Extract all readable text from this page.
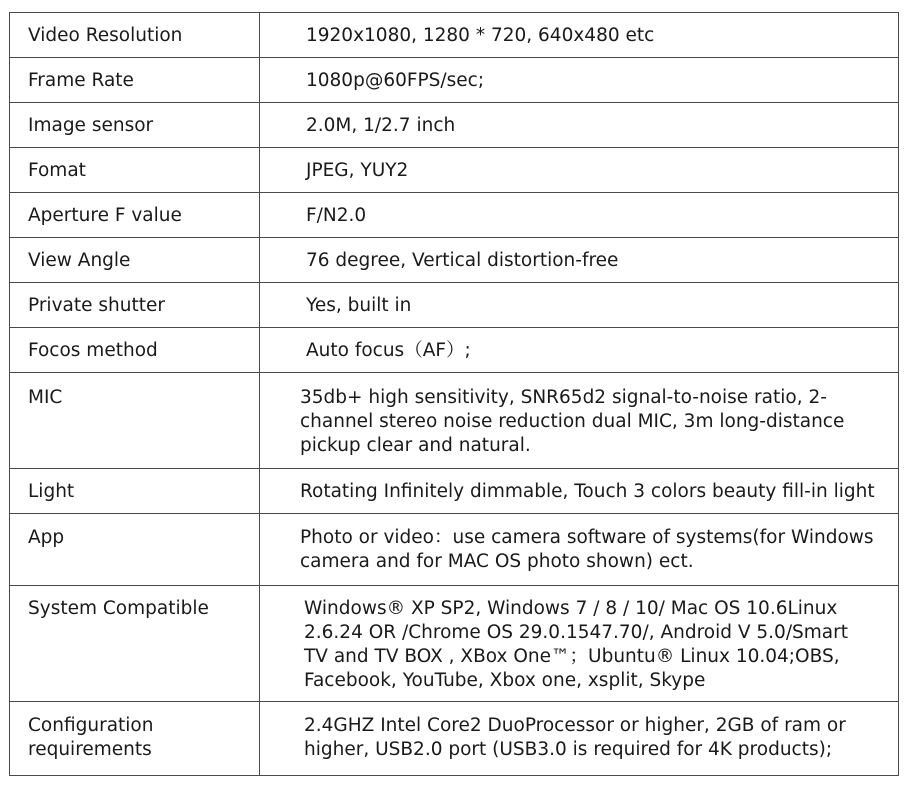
Video Resolution	1920x1080, 1280 * 720, 640x480 etc

Frame Rate	1080p@60FPS/sec;

Image sensor	2.0M, 1/2.7 inch

Fomat	JPEG, YUY2

Aperture F value	F/N2.0

View Angle	76 degree, Vertical distortion-free

Private shutter	Yes, built in

Focos method	Auto focus（AF）;

MIC	35db+ high sensitivity, SNR65d2 signal-to-noise ratio, 2-
channel stereo noise reduction dual MIC, 3m long-distance
pickup clear and natural.

Light	Rotating Infinitely dimmable, Touch 3 colors beauty fill-in light

App	Photo or video：use camera software of systems(for Windows
camera and for MAC OS photo shown) ect.

System Compatible	Windows® XP SP2, Windows 7 / 8 / 10/ Mac OS 10.6Linux
2.6.24 OR /Chrome OS 29.0.1547.70/, Android V 5.0/Smart
TV and TV BOX , XBox One™；Ubuntu® Linux 10.04;OBS,
Facebook, YouTube, Xbox one, xsplit, Skype

Configuration
requirements	2.4GHZ Intel Core2 DuoProcessor or higher, 2GB of ram or
higher, USB2.0 port (USB3.0 is required for 4K products);
